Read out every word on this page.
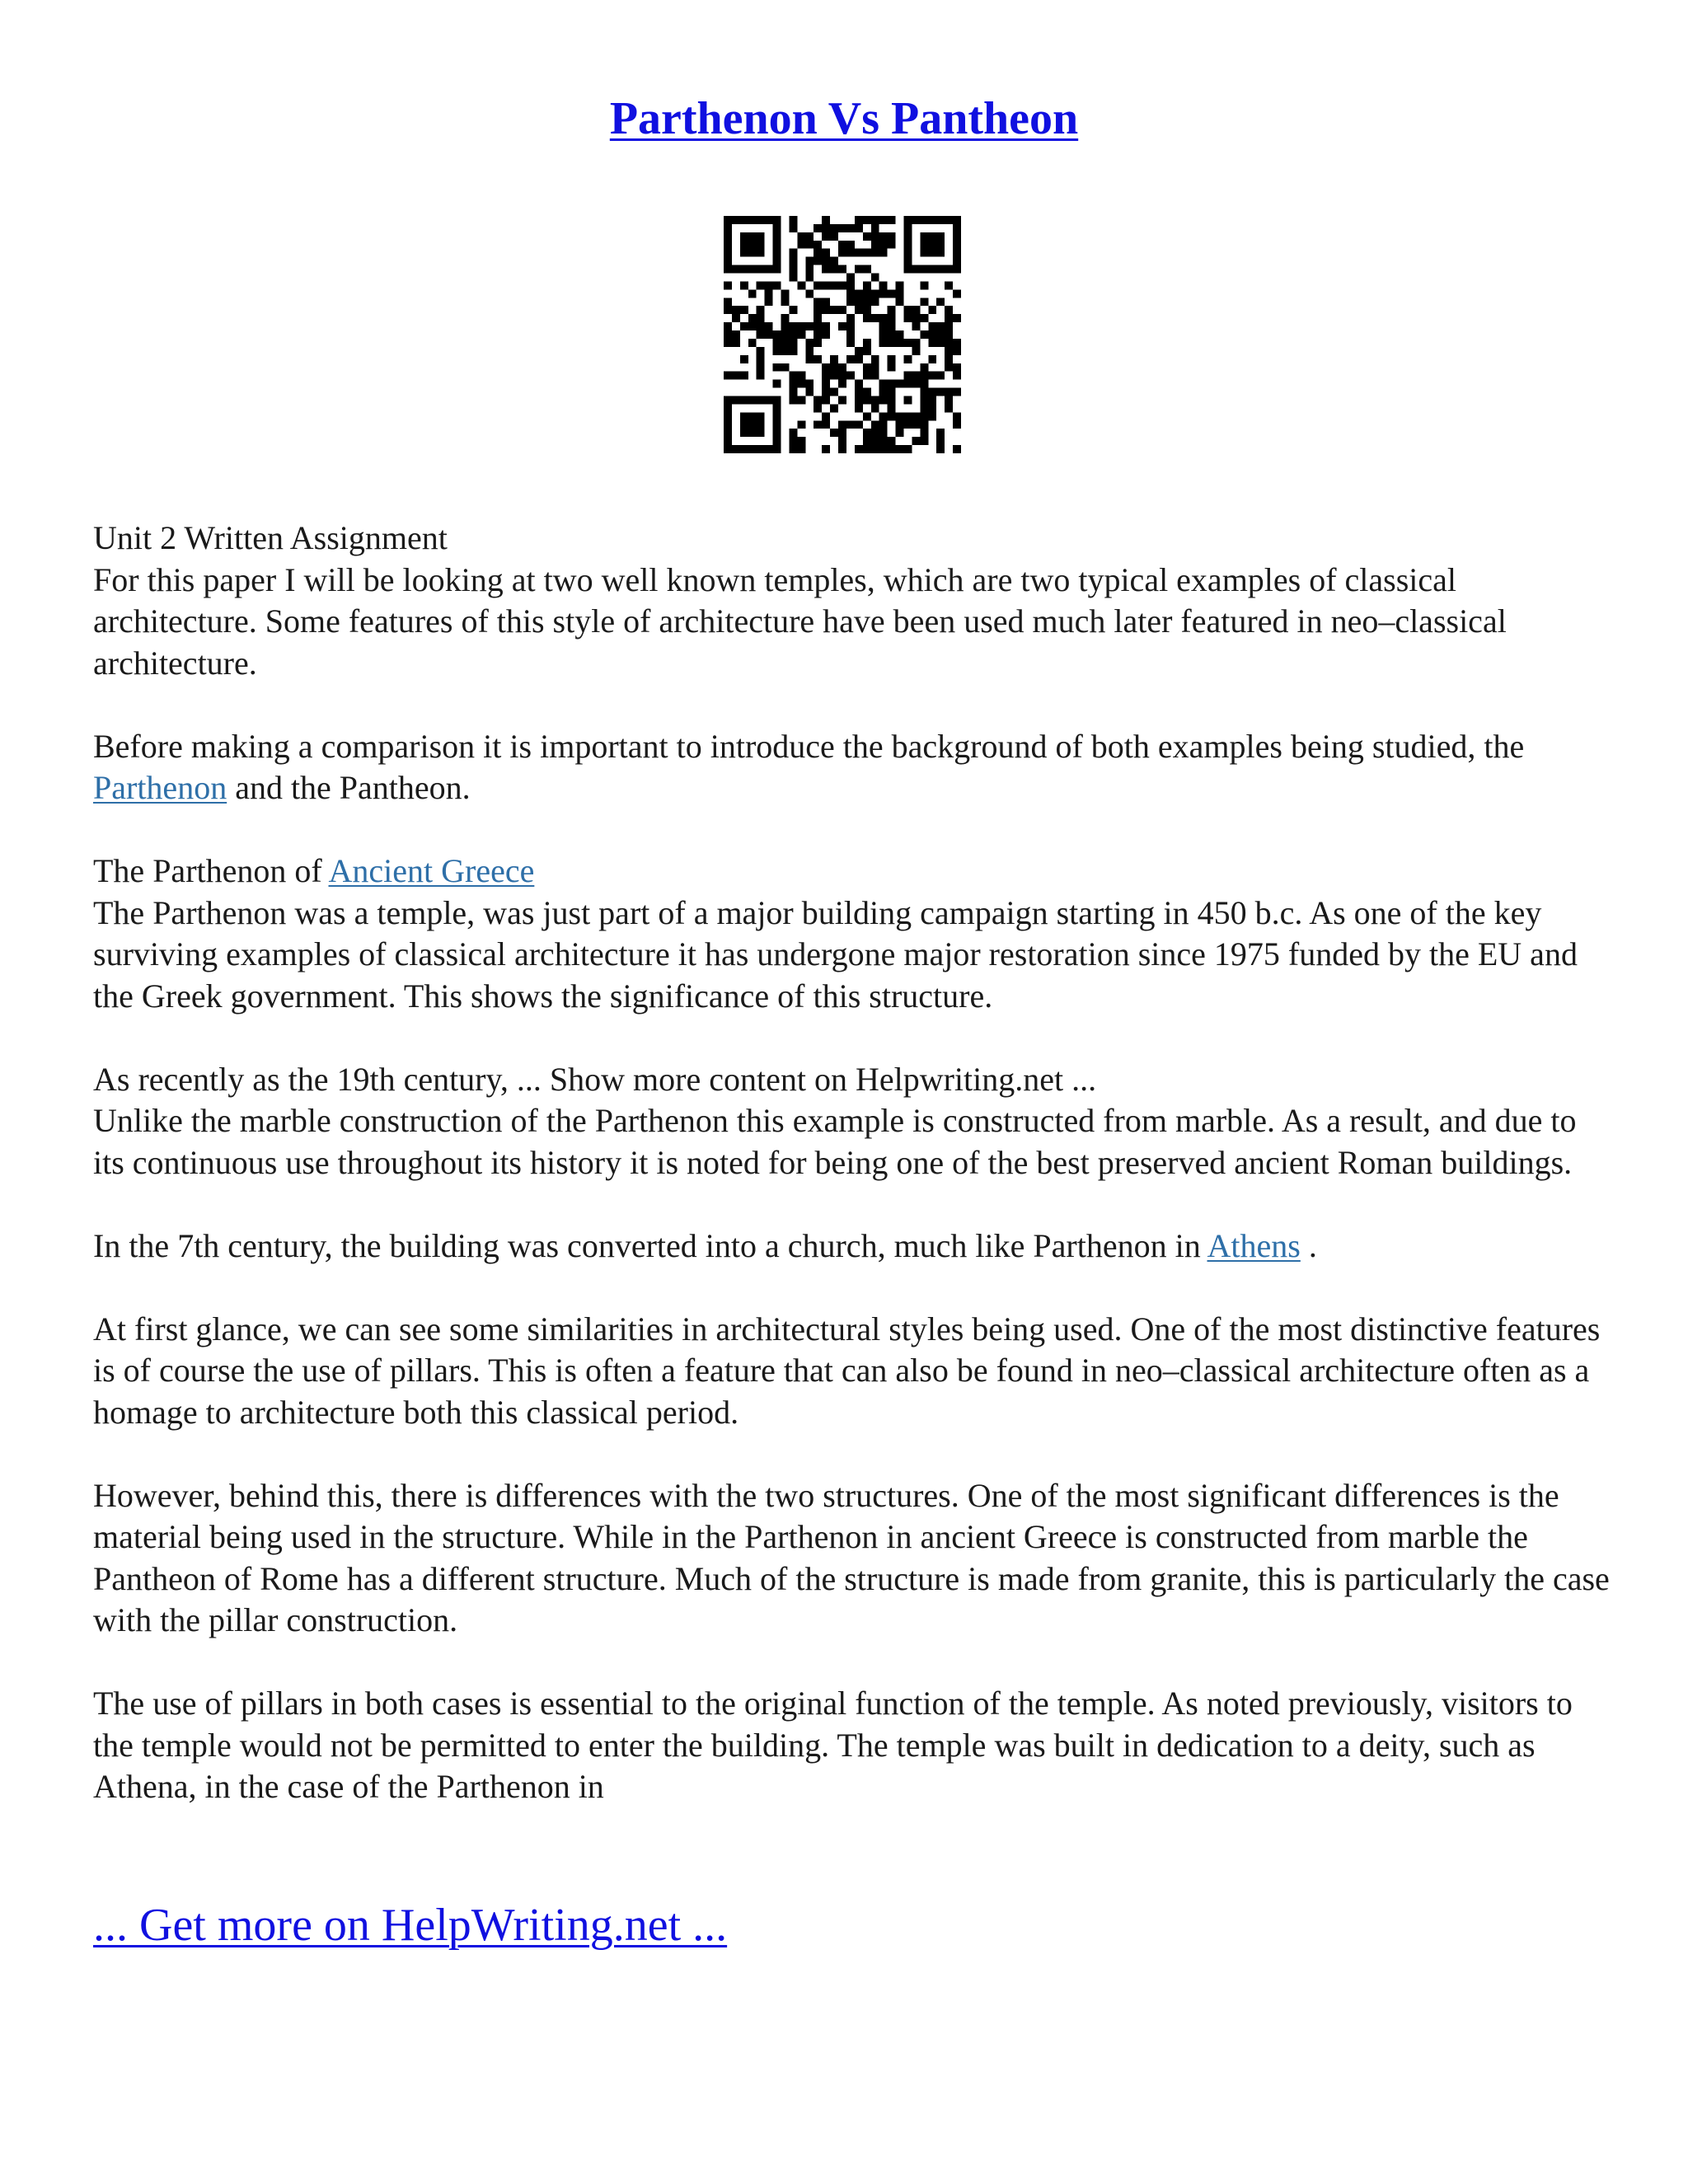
Parthenon Vs Pantheon

Unit 2 Written Assignment
For this paper I will be looking at two well known temples, which are two typical examples of classical architecture. Some features of this style of architecture have been used much later featured in neo–classical architecture.

Before making a comparison it is important to introduce the background of both examples being studied, the Parthenon and the Pantheon.

The Parthenon of Ancient Greece
The Parthenon was a temple, was just part of a major building campaign starting in 450 b.c. As one of the key surviving examples of classical architecture it has undergone major restoration since 1975 funded by the EU and the Greek government. This shows the significance of this structure.

As recently as the 19th century, ... Show more content on Helpwriting.net ...
Unlike the marble construction of the Parthenon this example is constructed from marble. As a result, and due to its continuous use throughout its history it is noted for being one of the best preserved ancient Roman buildings.

In the 7th century, the building was converted into a church, much like Parthenon in Athens .

At first glance, we can see some similarities in architectural styles being used. One of the most distinctive features is of course the use of pillars. This is often a feature that can also be found in neo–classical architecture often as a homage to architecture both this classical period.

However, behind this, there is differences with the two structures. One of the most significant differences is the material being used in the structure. While in the Parthenon in ancient Greece is constructed from marble the Pantheon of Rome has a different structure. Much of the structure is made from granite, this is particularly the case with the pillar construction.

The use of pillars in both cases is essential to the original function of the temple. As noted previously, visitors to the temple would not be permitted to enter the building. The temple was built in dedication to a deity, such as Athena, in the case of the Parthenon in

... Get more on HelpWriting.net ...
